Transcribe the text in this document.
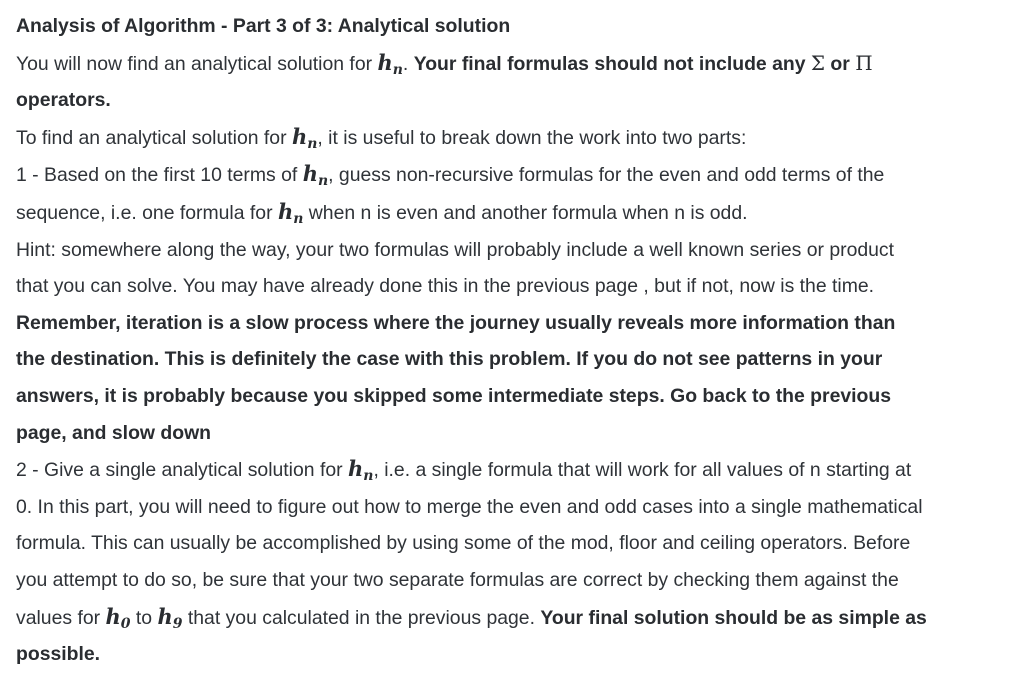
Analysis of Algorithm - Part 3 of 3: Analytical solution
You will now find an analytical solution for $h_n$. Your final formulas should not include any Σ or Π
operators.
To find an analytical solution for $h_n$, it is useful to break down the work into two parts:
1 - Based on the first 10 terms of $h_n$, guess non-recursive formulas for the even and odd terms of the
sequence, i.e. one formula for $h_n$ when n is even and another formula when n is odd.
Hint: somewhere along the way, your two formulas will probably include a well known series or product
that you can solve. You may have already done this in the previous page , but if not, now is the time.
Remember, iteration is a slow process where the journey usually reveals more information than
the destination. This is definitely the case with this problem. If you do not see patterns in your
answers, it is probably because you skipped some intermediate steps. Go back to the previous
page, and slow down
2 - Give a single analytical solution for $h_n$, i.e. a single formula that will work for all values of n starting at
0. In this part, you will need to figure out how to merge the even and odd cases into a single mathematical
formula. This can usually be accomplished by using some of the mod, floor and ceiling operators. Before
you attempt to do so, be sure that your two separate formulas are correct by checking them against the
values for $h_0$ to $h_9$ that you calculated in the previous page. Your final solution should be as simple as
possible.
